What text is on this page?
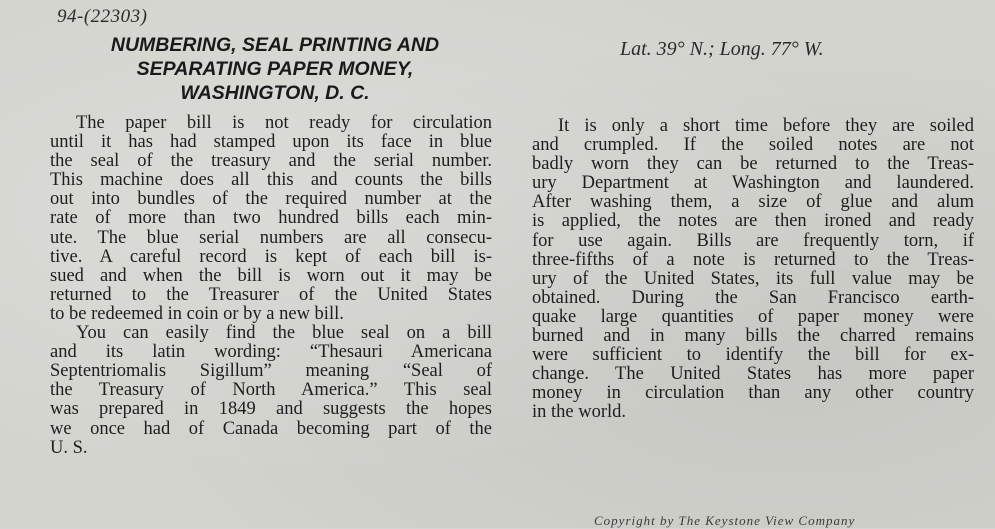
94-(22303)
NUMBERING, SEAL PRINTING AND
SEPARATING PAPER MONEY,
WASHINGTON, D. C.
Lat. 39° N.; Long. 77° W.
The paper bill is not ready for circulation
until it has had stamped upon its face in blue
the seal of the treasury and the serial number.
This machine does all this and counts the bills
out into bundles of the required number at the
rate of more than two hundred bills each min-
ute. The blue serial numbers are all consecu-
tive. A careful record is kept of each bill is-
sued and when the bill is worn out it may be
returned to the Treasurer of the United States
to be redeemed in coin or by a new bill.
You can easily find the blue seal on a bill
and its latin wording: “Thesauri Americana
Septentriomalis Sigillum” meaning “Seal of
the Treasury of North America.” This seal
was prepared in 1849 and suggests the hopes
we once had of Canada becoming part of the
U. S.
It is only a short time before they are soiled
and crumpled. If the soiled notes are not
badly worn they can be returned to the Treas-
ury Department at Washington and laundered.
After washing them, a size of glue and alum
is applied, the notes are then ironed and ready
for use again. Bills are frequently torn, if
three-fifths of a note is returned to the Treas-
ury of the United States, its full value may be
obtained. During the San Francisco earth-
quake large quantities of paper money were
burned and in many bills the charred remains
were sufficient to identify the bill for ex-
change. The United States has more paper
money in circulation than any other country
in the world.
Copyright by The Keystone View Company
